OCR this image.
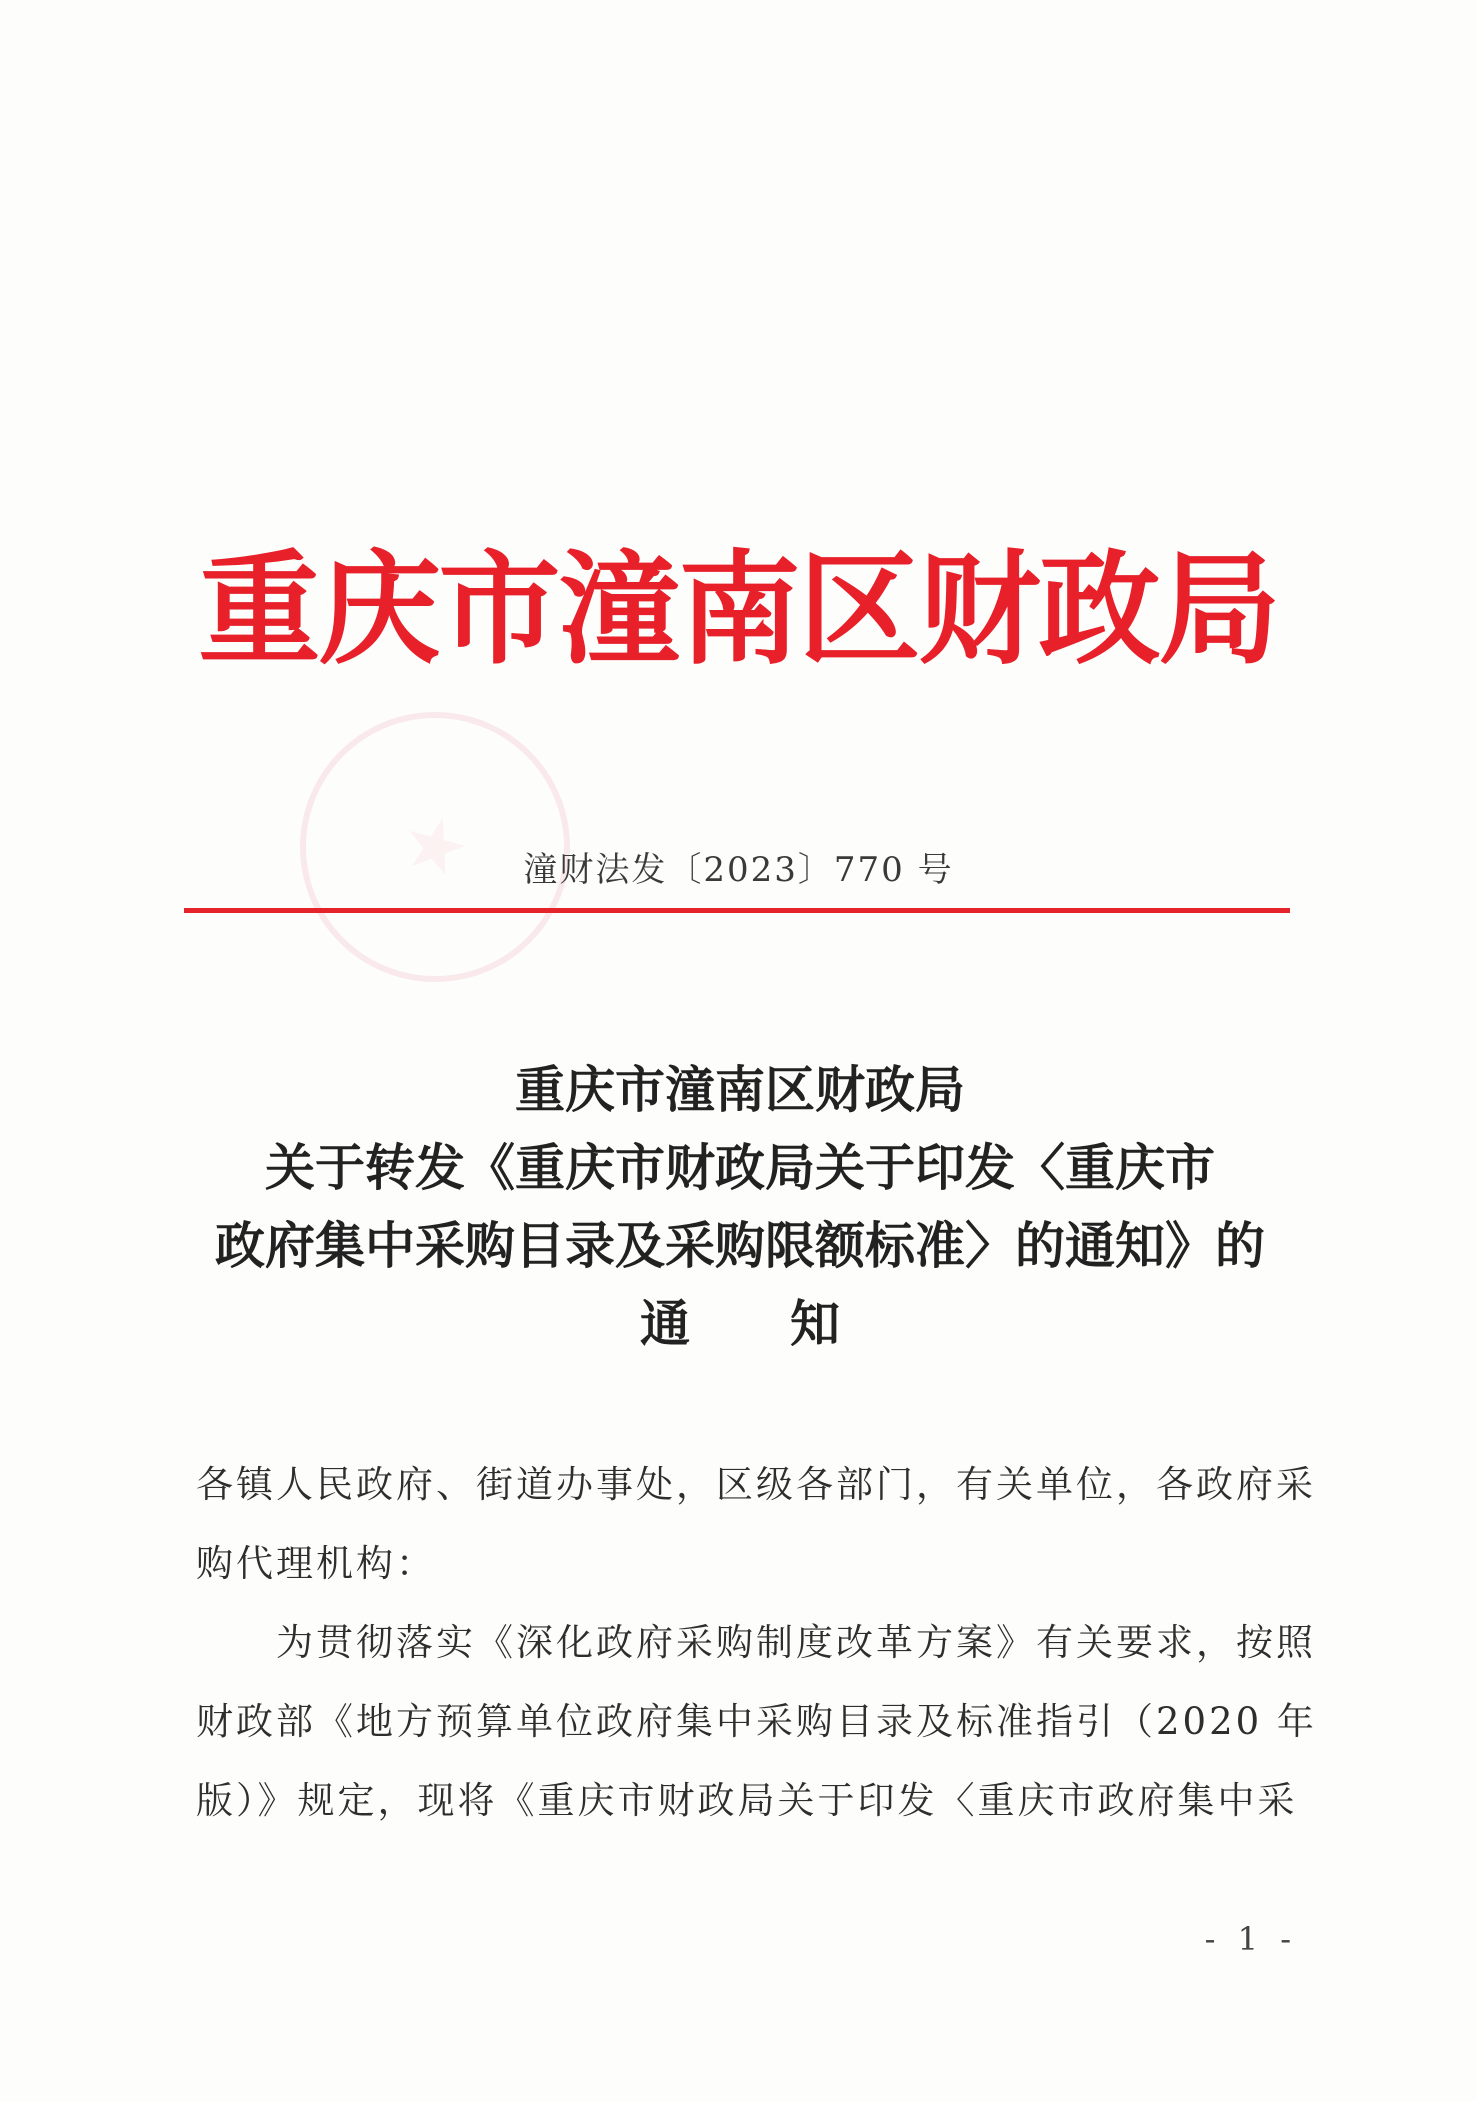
重庆市潼南区财政局
潼财法发〔2023〕770 号
重庆市潼南区财政局
关于转发《重庆市财政局关于印发〈重庆市
政府集中采购目录及采购限额标准〉的通知》的
通　　知
各镇人民政府、街道办事处，区级各部门，有关单位，各政府采
购代理机构：
为贯彻落实《深化政府采购制度改革方案》有关要求，按照
财政部《地方预算单位政府集中采购目录及标准指引（2020 年
版）》规定，现将《重庆市财政局关于印发〈重庆市政府集中采
- 1 -
